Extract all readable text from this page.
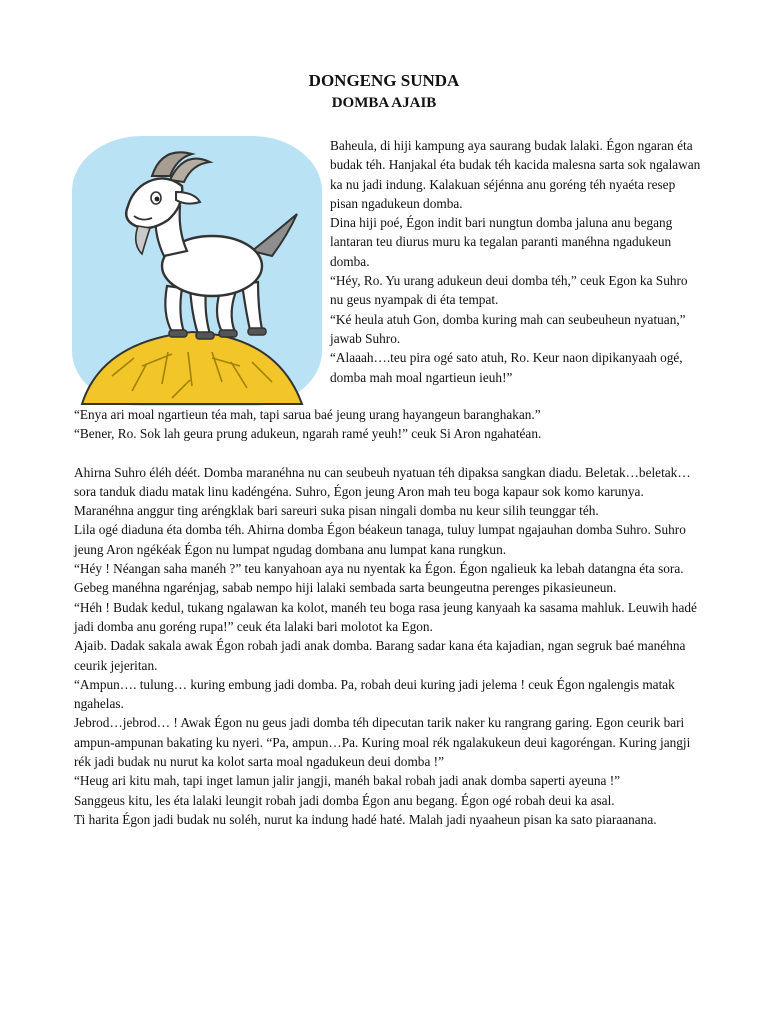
DONGENG SUNDA
DOMBA AJAIB

Baheula, di hiji kampung aya saurang budak lalaki. Égon ngaran éta budak téh. Hanjakal éta budak téh kacida malesna sarta sok ngalawan ka nu jadi indung. Kalakuan séjénna anu goréng téh nyaéta resep pisan ngadukeun domba.

Dina hiji poé, Égon indit bari nungtun domba jaluna anu begang lantaran teu diurus muru ka tegalan paranti manéhna ngadukeun domba.

“Héy, Ro. Yu urang adukeun deui domba téh,” ceuk Egon ka Suhro nu geus nyampak di éta tempat.

“Ké heula atuh Gon, domba kuring mah can seubeuheun nyatuan,” jawab Suhro.

“Alaaah….teu pira ogé sato atuh, Ro. Keur naon dipikanyaah ogé, domba mah moal ngartieun ieuh!”

“Enya ari moal ngartieun téa mah, tapi sarua baé jeung urang hayangeun baranghakan.”

“Bener, Ro. Sok lah geura prung adukeun, ngarah ramé yeuh!” ceuk Si Aron ngahatéan.

Ahirna Suhro éléh déét. Domba maranéhna nu can seubeuh nyatuan téh dipaksa sangkan diadu. Beletak…beletak…sora tanduk diadu matak linu kadéngéna. Suhro, Égon jeung Aron mah teu boga kapaur sok komo karunya. Maranéhna anggur ting aréngklak bari sareuri suka pisan ningali domba nu keur silih teunggar téh.

Lila ogé diaduna éta domba téh. Ahirna domba Égon béakeun tanaga, tuluy lumpat ngajauhan domba Suhro. Suhro jeung Aron ngékéak Égon nu lumpat ngudag dombana anu lumpat kana rungkun.

“Héy ! Néangan saha manéh ?” teu kanyahoan aya nu nyentak ka Égon. Égon ngalieuk ka lebah datangna éta sora. Gebeg manéhna ngarénjag, sabab nempo hiji lalaki sembada sarta beungeutna perenges pikasieuneun.

“Héh ! Budak kedul, tukang ngalawan ka kolot, manéh teu boga rasa jeung kanyaah ka sasama mahluk. Leuwih hadé jadi domba anu goréng rupa!” ceuk éta lalaki bari molotot ka Egon.

Ajaib. Dadak sakala awak Égon robah jadi anak domba. Barang sadar kana éta kajadian, ngan segruk baé manéhna ceurik jejeritan.

“Ampun…. tulung… kuring embung jadi domba. Pa, robah deui kuring jadi jelema ! ceuk Égon ngalengis matak ngahelas.

Jebrod…jebrod… ! Awak Égon nu geus jadi domba téh dipecutan tarik naker ku rangrang garing. Egon ceurik bari ampun-ampunan bakating ku nyeri. “Pa, ampun…Pa. Kuring moal rék ngalakukeun deui kagoréngan. Kuring jangji rék jadi budak nu nurut ka kolot sarta moal ngadukeun deui domba !”

“Heug ari kitu mah, tapi inget lamun jalir jangji, manéh bakal robah jadi anak domba saperti ayeuna !”

Sanggeus kitu, les éta lalaki leungit robah jadi domba Égon anu begang. Égon ogé robah deui ka asal.

Ti harita Égon jadi budak nu soléh, nurut ka indung hadé haté. Malah jadi nyaaheun pisan ka sato piaraanana.
